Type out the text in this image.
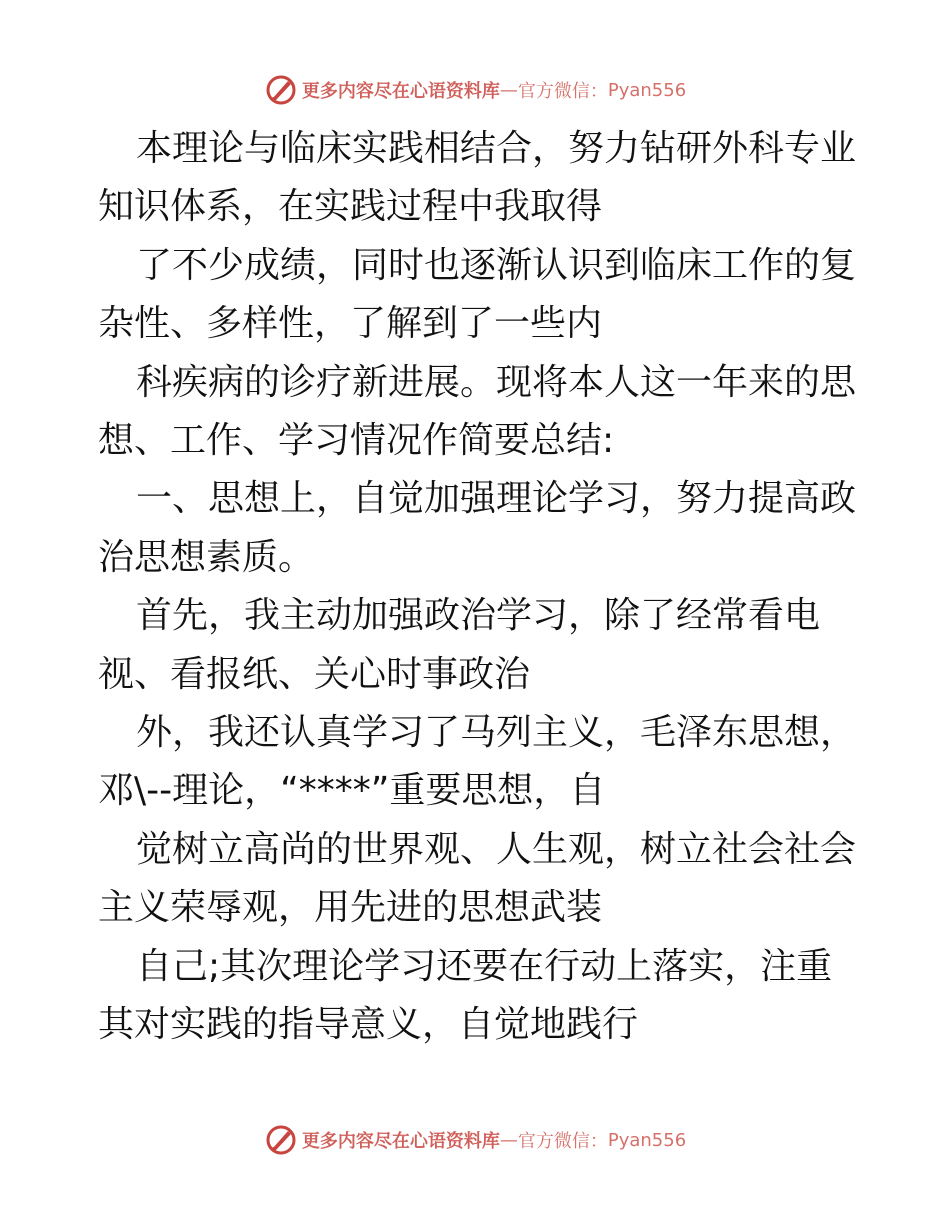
更多内容尽在心语资料库 — 官方微信： Pyan556

本理论与临床实践相结合，努力钻研外科专业知识体系，在实践过程中我取得

了不少成绩，同时也逐渐认识到临床工作的复杂性、多样性，了解到了一些内

科疾病的诊疗新进展。现将本人这一年来的思想、工作、学习情况作简要总结:

一、思想上，自觉加强理论学习，努力提高政治思想素质。

首先，我主动加强政治学习，除了经常看电视、看报纸、关心时事政治

外，我还认真学习了马列主义，毛泽东思想，邓\--理论，“****”重要思想，自

觉树立高尚的世界观、人生观，树立社会社会主义荣辱观，用先进的思想武装

自己;其次理论学习还要在行动上落实，注重其对实践的指导意义，自觉地践行

更多内容尽在心语资料库 — 官方微信： Pyan556
